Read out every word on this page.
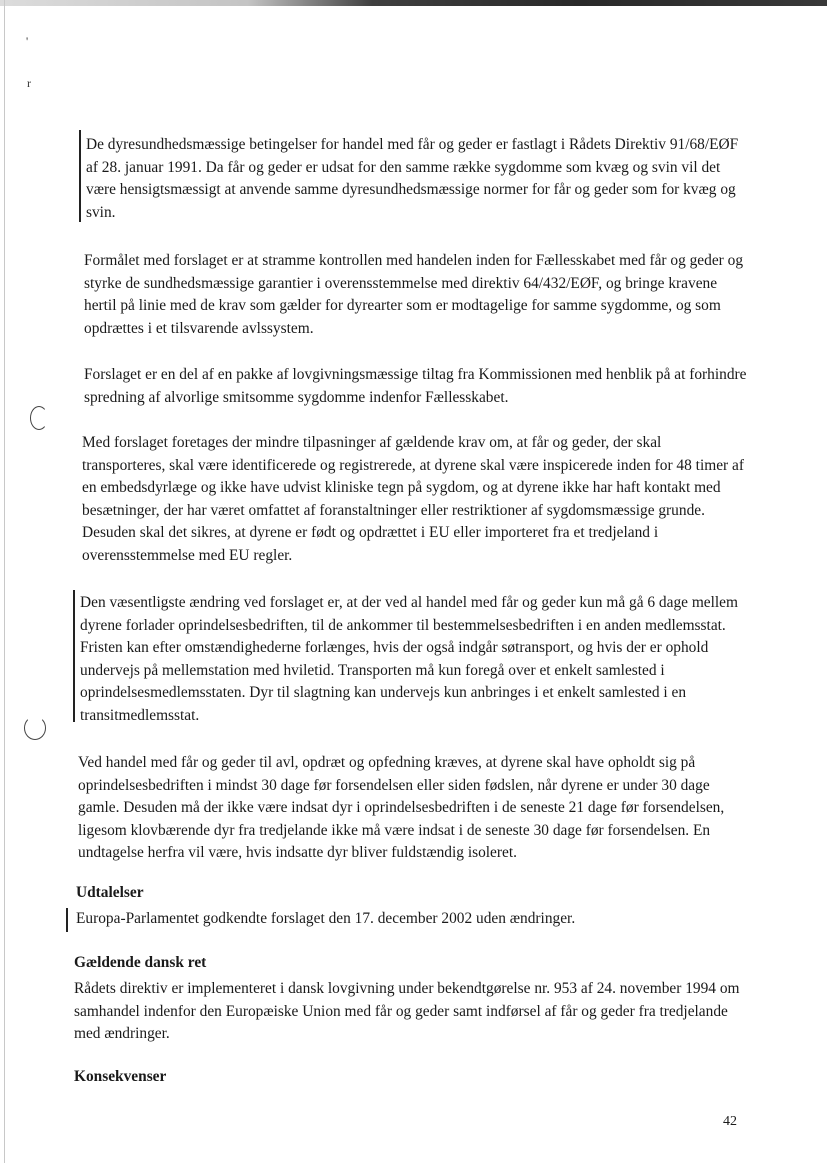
'
r

De dyresundhedsmæssige betingelser for handel med får og geder er fastlagt i Rådets Direktiv 91/68/EØF af 28. januar 1991. Da får og geder er udsat for den samme række sygdomme som kvæg og svin vil det være hensigtsmæssigt at anvende samme dyresundhedsmæssige normer for får og geder som for kvæg og svin.

Formålet med forslaget er at stramme kontrollen med handelen inden for Fællesskabet med får og geder og styrke de sundhedsmæssige garantier i overensstemmelse med direktiv 64/432/EØF, og bringe kravene hertil på linie med de krav som gælder for dyrearter som er modtagelige for samme sygdomme, og som opdrættes i et tilsvarende avlssystem.

Forslaget er en del af en pakke af lovgivningsmæssige tiltag fra Kommissionen med henblik på at forhindre spredning af alvorlige smitsomme sygdomme indenfor Fællesskabet.

Med forslaget foretages der mindre tilpasninger af gældende krav om, at får og geder, der skal transporteres, skal være identificerede og registrerede, at dyrene skal være inspicerede inden for 48 timer af en embedsdyrlæge og ikke have udvist kliniske tegn på sygdom, og at dyrene ikke har haft kontakt med besætninger, der har været omfattet af foranstaltninger eller restriktioner af sygdomsmæssige grunde. Desuden skal det sikres, at dyrene er født og opdrættet i EU eller importeret fra et tredjeland i overensstemmelse med EU regler.

Den væsentligste ændring ved forslaget er, at der ved al handel med får og geder kun må gå 6 dage mellem dyrene forlader oprindelsesbedriften, til de ankommer til bestemmelsesbedriften i en anden medlemsstat. Fristen kan efter omstændighederne forlænges, hvis der også indgår søtransport, og hvis der er ophold undervejs på mellemstation med hviletid. Transporten må kun foregå over et enkelt samlested i oprindelsesmedlemsstaten. Dyr til slagtning kan undervejs kun anbringes i et enkelt samlested i en transitmedlemsstat.

Ved handel med får og geder til avl, opdræt og opfedning kræves, at dyrene skal have opholdt sig på oprindelsesbedriften i mindst 30 dage før forsendelsen eller siden fødslen, når dyrene er under 30 dage gamle. Desuden må der ikke være indsat dyr i oprindelsesbedriften i de seneste 21 dage før forsendelsen, ligesom klovbærende dyr fra tredjelande ikke må være indsat i de seneste 30 dage før forsendelsen. En undtagelse herfra vil være, hvis indsatte dyr bliver fuldstændig isoleret.

Udtalelser

Europa-Parlamentet godkendte forslaget den 17. december 2002 uden ændringer.

Gældende dansk ret

Rådets direktiv er implementeret i dansk lovgivning under bekendtgørelse nr. 953 af 24. november 1994 om samhandel indenfor den Europæiske Union med får og geder samt indførsel af får og geder fra tredjelande med ændringer.

Konsekvenser
42
